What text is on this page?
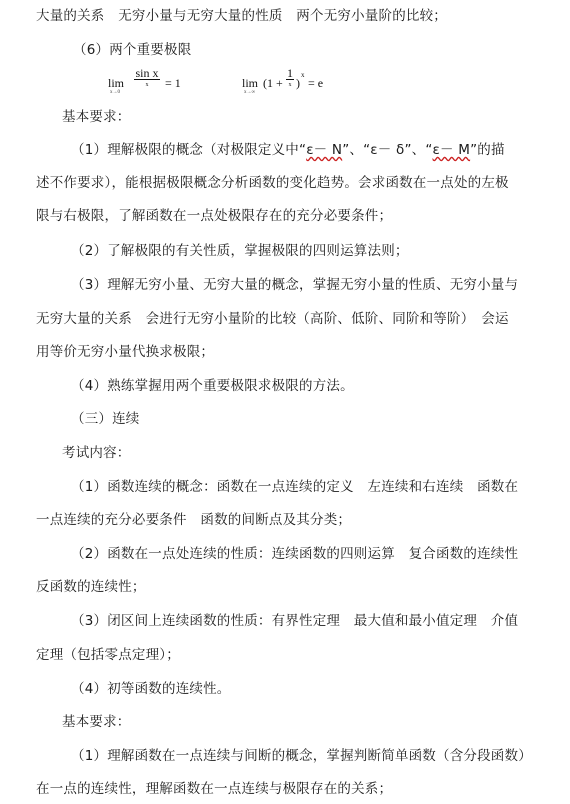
大量的关系　无穷小量与无穷大量的性质　两个无穷小量阶的比较；
（6）两个重要极限
lim
x→0
sin x
x	= 1	lim
x→∞
(1 +
1
x )
x
= e
基本要求：
（1）理解极限的概念（对极限定义中“ε－ N”、“ε－ δ”、“ε－ M”的描
述不作要求），能根据极限概念分析函数的变化趋势。会求函数在一点处的左极
限与右极限，了解函数在一点处极限存在的充分必要条件；
（2）了解极限的有关性质，掌握极限的四则运算法则；
（3）理解无穷小量、无穷大量的概念，掌握无穷小量的性质、无穷小量与
无穷大量的关系　会进行无穷小量阶的比较（高阶、低阶、同阶和等阶）　会运
用等价无穷小量代换求极限；
（4）熟练掌握用两个重要极限求极限的方法。
（三）连续
考试内容：
（1）函数连续的概念：函数在一点连续的定义　左连续和右连续　函数在
一点连续的充分必要条件　函数的间断点及其分类；
（2）函数在一点处连续的性质：连续函数的四则运算　复合函数的连续性
反函数的连续性；
（3）闭区间上连续函数的性质：有界性定理　最大值和最小值定理　介值
定理（包括零点定理）；
（4）初等函数的连续性。
基本要求：
（1）理解函数在一点连续与间断的概念，掌握判断简单函数（含分段函数）
在一点的连续性，理解函数在一点连续与极限存在的关系；
